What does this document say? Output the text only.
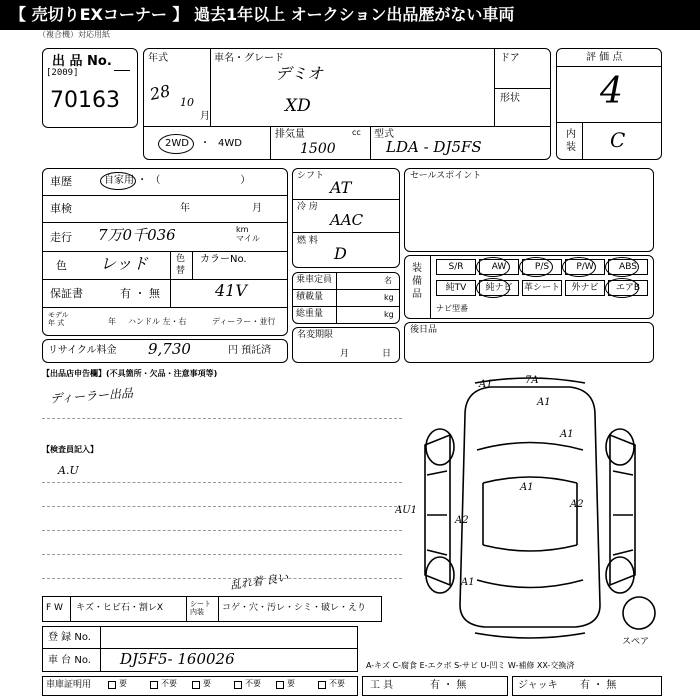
【 売切りEXコーナー 】 過去1年以上 オークション出品歴がない車両
（複合機）対応用紙
出 品 No.
[2009]
70163
年式
28 10
月
車名・グレード
デミオ
XD
ドア
形状
2WD ・ 4WD
排気量	cc
1500
型式
LDA - DJ5FS
評 価 点
4
内
装 C
車歴	自家用 ・ （　　　　　　　　）
車検	年	月
走行 7万0千036	km
マイル
色 レッド	色
替
カラーNo.
41V
保証書	有 ・ 無
モデル
年 式	年 ハンドル 左・右	ディーラー・並行
リサイクル料金 9,730	円 預託済
シフト
AT
冷 房
AAC
燃 料
D
乗車定員	名
積載量	kg
総重量	kg
名変期限
月	日
セールスポイント
装
備
品
S/R	AW	P/S	P/W	ABS
純TV	純ナビ	革シート	外ナビ	エアB
ナビ型番
後日品
【出品店申告欄】(不具箇所・欠品・注意事項等)
ディーラー出品
【検査員記入】
A.U
A1	7A
A1
A1
A1
A2
AU1
A2
A1
スペア
F W キズ・ヒビ石・割レX	シート
内装	コゲ・穴・汚レ・シミ・破レ・えり
乱れ着 良い
登 録 No.
車 台 No. DJ5F5- 160026	A-キズ C-腐食 E-エクボ S-サビ U-凹ミ W-補修 XX-交換済
車庫証明用	要	不要	要	不要	要	不要	工 具	有 ・ 無	ジャッキ 有 ・ 無
